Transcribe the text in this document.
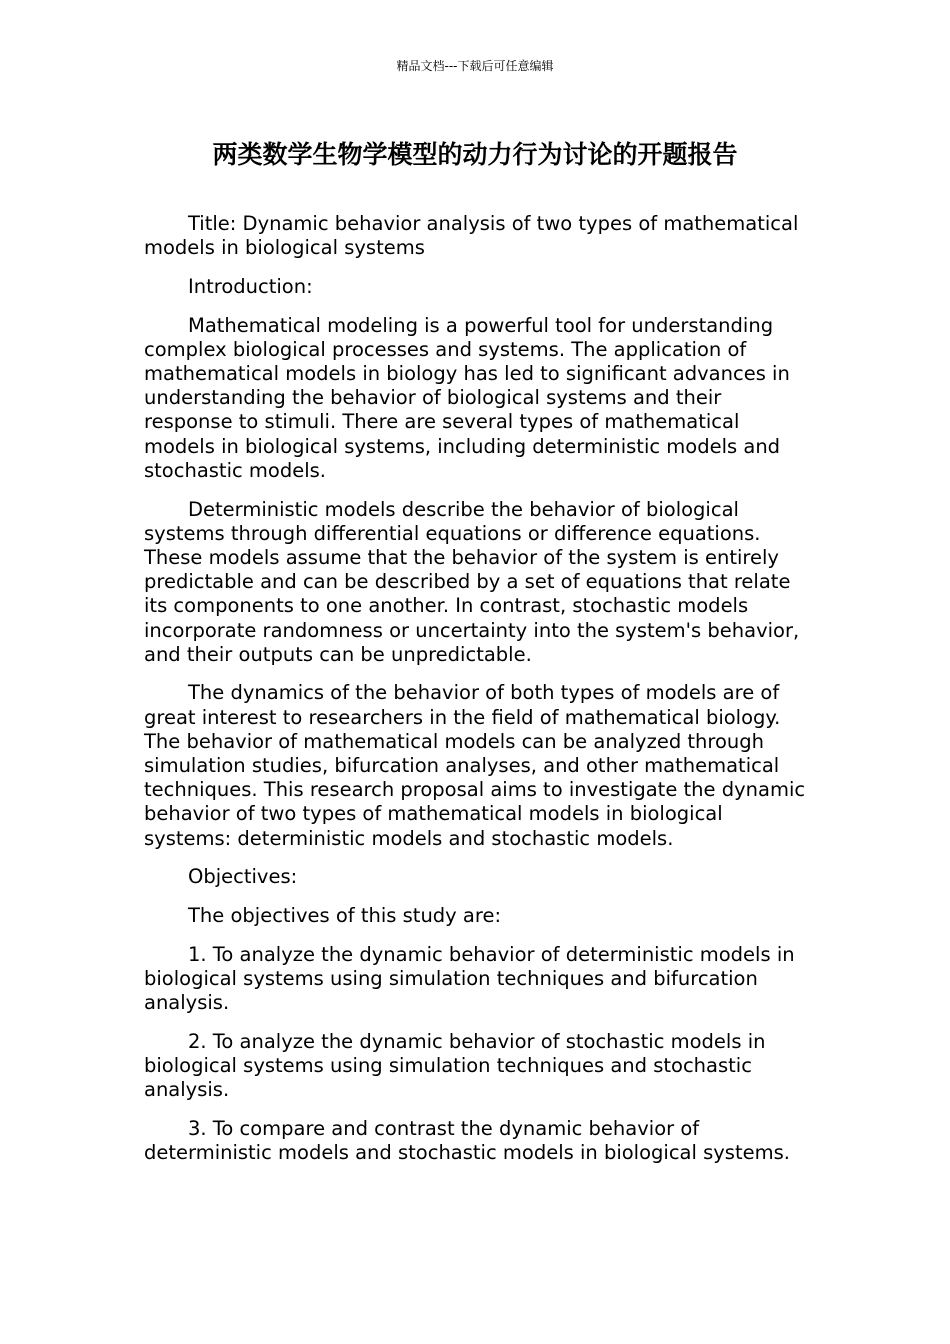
精品文档---下载后可任意编辑
两类数学生物学模型的动力行为讨论的开题报告

Title: Dynamic behavior analysis of two types of mathematical models in biological systems

Introduction:

Mathematical modeling is a powerful tool for understanding complex biological processes and systems. The application of mathematical models in biology has led to significant advances in understanding the behavior of biological systems and their response to stimuli. There are several types of mathematical models in biological systems, including deterministic models and stochastic models.

Deterministic models describe the behavior of biological systems through differential equations or difference equations. These models assume that the behavior of the system is entirely predictable and can be described by a set of equations that relate its components to one another. In contrast, stochastic models incorporate randomness or uncertainty into the system's behavior, and their outputs can be unpredictable.

The dynamics of the behavior of both types of models are of great interest to researchers in the field of mathematical biology. The behavior of mathematical models can be analyzed through simulation studies, bifurcation analyses, and other mathematical techniques. This research proposal aims to investigate the dynamic behavior of two types of mathematical models in biological systems: deterministic models and stochastic models.

Objectives:

The objectives of this study are:

1. To analyze the dynamic behavior of deterministic models in biological systems using simulation techniques and bifurcation analysis.

2. To analyze the dynamic behavior of stochastic models in biological systems using simulation techniques and stochastic analysis.

3. To compare and contrast the dynamic behavior of deterministic models and stochastic models in biological systems.
